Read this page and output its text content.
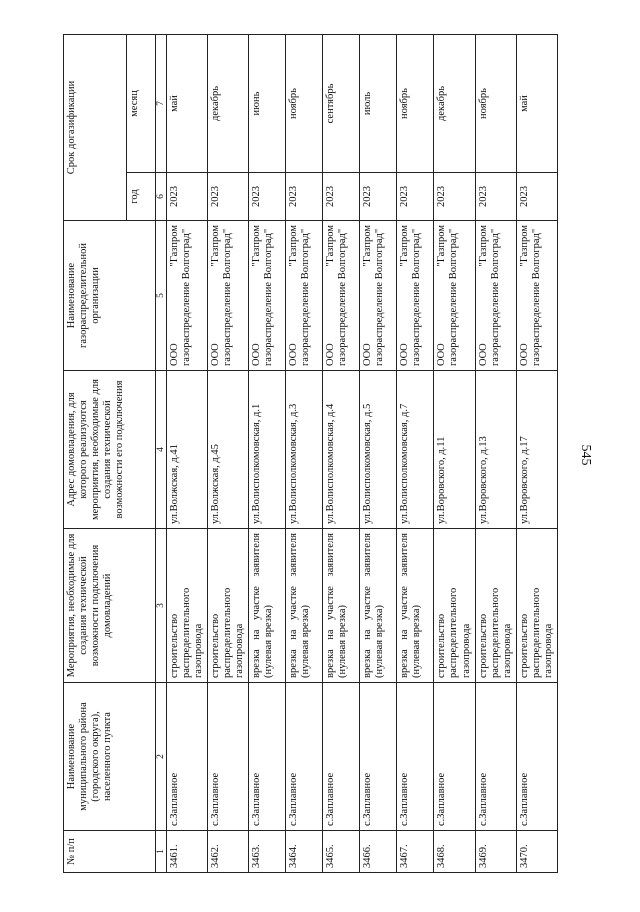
545
№ п/п	Наименование муниципального района (городского округа), населенного пункта	Мероприятия, необходимые для создания технической возможности подключения домовладений	Адрес домовладения, для которого реализуются мероприятия, необходимые для создания технической возможности его подключения	Наименование газораспределительной организации	Срок догазификации	
					год	месяц
1	2	3	4	5	6	7
3461.	с.Заплавное	строительство распределительного газопровода	ул.Волжская, д.41	ООО "Газпром газораспределение Волгоград"	2023	май
3462.	с.Заплавное	строительство распределительного газопровода	ул.Волжская, д.45	ООО "Газпром газораспределение Волгоград"	2023	декабрь
3463.	с.Заплавное	врезка на участке заявителя (нулевая врезка)	ул.Волисполкомовская, д.1	ООО "Газпром газораспределение Волгоград"	2023	июнь
3464.	с.Заплавное	врезка на участке заявителя (нулевая врезка)	ул.Волисполкомовская, д.3	ООО "Газпром газораспределение Волгоград"	2023	ноябрь
3465.	с.Заплавное	врезка на участке заявителя (нулевая врезка)	ул.Волисполкомовская, д.4	ООО "Газпром газораспределение Волгоград"	2023	сентябрь
3466.	с.Заплавное	врезка на участке заявителя (нулевая врезка)	ул.Волисполкомовская, д.5	ООО "Газпром газораспределение Волгоград"	2023	июль
3467.	с.Заплавное	врезка на участке заявителя (нулевая врезка)	ул.Волисполкомовская, д.7	ООО "Газпром газораспределение Волгоград"	2023	ноябрь
3468.	с.Заплавное	строительство распределительного газопровода	ул.Воровского, д.11	ООО "Газпром газораспределение Волгоград"	2023	декабрь
3469.	с.Заплавное	строительство распределительного газопровода	ул.Воровского, д.13	ООО "Газпром газораспределение Волгоград"	2023	ноябрь
3470.	с.Заплавное	строительство распределительного газопровода	ул.Воровского, д.17	ООО "Газпром газораспределение Волгоград"	2023	май
